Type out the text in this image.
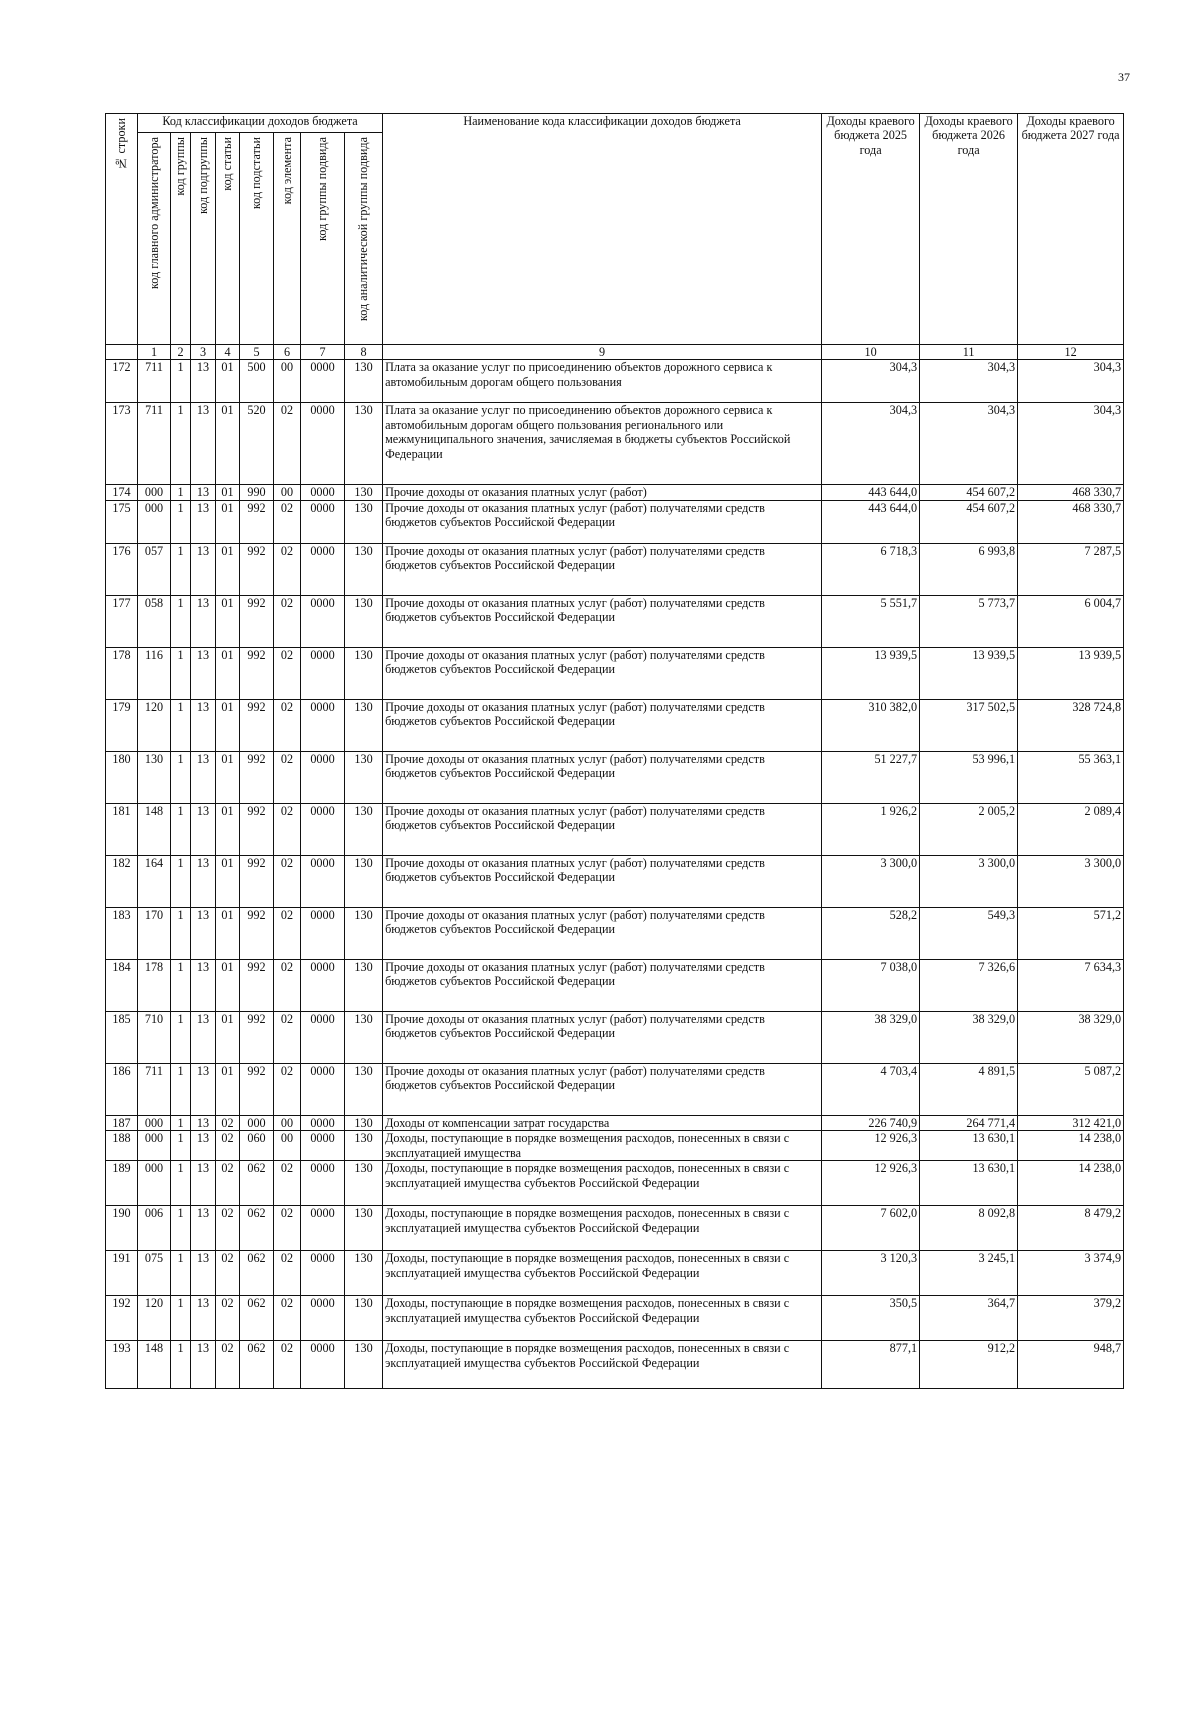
37
№ строки	Код классификации доходов бюджета								Наименование кода классификации доходов бюджета	Доходы краевого бюджета 2025 года	Доходы краевого бюджета 2026 года	Доходы краевого бюджета 2027 года
	код главного администратора	код группы	код подгруппы	код статьи	код подстатьи	код элемента	код группы подвида	код аналитической группы подвида				
	1	2	3	4	5	6	7	8	9	10	11	12
172	711	1	13	01	500	00	0000	130	Плата за оказание услуг по присоединению объектов дорожного сервиса к автомобильным дорогам общего пользования	304,3	304,3	304,3
173	711	1	13	01	520	02	0000	130	Плата за оказание услуг по присоединению объектов дорожного сервиса к автомобильным дорогам общего пользования регионального или межмуниципального значения, зачисляемая в бюджеты субъектов Российской Федерации	304,3	304,3	304,3
174	000	1	13	01	990	00	0000	130	Прочие доходы от оказания платных услуг (работ)	443 644,0	454 607,2	468 330,7
175	000	1	13	01	992	02	0000	130	Прочие доходы от оказания платных услуг (работ) получателями средств бюджетов субъектов Российской Федерации	443 644,0	454 607,2	468 330,7
176	057	1	13	01	992	02	0000	130	Прочие доходы от оказания платных услуг (работ) получателями средств бюджетов субъектов Российской Федерации	6 718,3	6 993,8	7 287,5
177	058	1	13	01	992	02	0000	130	Прочие доходы от оказания платных услуг (работ) получателями средств бюджетов субъектов Российской Федерации	5 551,7	5 773,7	6 004,7
178	116	1	13	01	992	02	0000	130	Прочие доходы от оказания платных услуг (работ) получателями средств бюджетов субъектов Российской Федерации	13 939,5	13 939,5	13 939,5
179	120	1	13	01	992	02	0000	130	Прочие доходы от оказания платных услуг (работ) получателями средств бюджетов субъектов Российской Федерации	310 382,0	317 502,5	328 724,8
180	130	1	13	01	992	02	0000	130	Прочие доходы от оказания платных услуг (работ) получателями средств бюджетов субъектов Российской Федерации	51 227,7	53 996,1	55 363,1
181	148	1	13	01	992	02	0000	130	Прочие доходы от оказания платных услуг (работ) получателями средств бюджетов субъектов Российской Федерации	1 926,2	2 005,2	2 089,4
182	164	1	13	01	992	02	0000	130	Прочие доходы от оказания платных услуг (работ) получателями средств бюджетов субъектов Российской Федерации	3 300,0	3 300,0	3 300,0
183	170	1	13	01	992	02	0000	130	Прочие доходы от оказания платных услуг (работ) получателями средств бюджетов субъектов Российской Федерации	528,2	549,3	571,2
184	178	1	13	01	992	02	0000	130	Прочие доходы от оказания платных услуг (работ) получателями средств бюджетов субъектов Российской Федерации	7 038,0	7 326,6	7 634,3
185	710	1	13	01	992	02	0000	130	Прочие доходы от оказания платных услуг (работ) получателями средств бюджетов субъектов Российской Федерации	38 329,0	38 329,0	38 329,0
186	711	1	13	01	992	02	0000	130	Прочие доходы от оказания платных услуг (работ) получателями средств бюджетов субъектов Российской Федерации	4 703,4	4 891,5	5 087,2
187	000	1	13	02	000	00	0000	130	Доходы от компенсации затрат государства	226 740,9	264 771,4	312 421,0
188	000	1	13	02	060	00	0000	130	Доходы, поступающие в порядке возмещения расходов, понесенных в связи с эксплуатацией имущества	12 926,3	13 630,1	14 238,0
189	000	1	13	02	062	02	0000	130	Доходы, поступающие в порядке возмещения расходов, понесенных в связи с эксплуатацией имущества субъектов Российской Федерации	12 926,3	13 630,1	14 238,0
190	006	1	13	02	062	02	0000	130	Доходы, поступающие в порядке возмещения расходов, понесенных в связи с эксплуатацией имущества субъектов Российской Федерации	7 602,0	8 092,8	8 479,2
191	075	1	13	02	062	02	0000	130	Доходы, поступающие в порядке возмещения расходов, понесенных в связи с эксплуатацией имущества субъектов Российской Федерации	3 120,3	3 245,1	3 374,9
192	120	1	13	02	062	02	0000	130	Доходы, поступающие в порядке возмещения расходов, понесенных в связи с эксплуатацией имущества субъектов Российской Федерации	350,5	364,7	379,2
193	148	1	13	02	062	02	0000	130	Доходы, поступающие в порядке возмещения расходов, понесенных в связи с эксплуатацией имущества субъектов Российской Федерации	877,1	912,2	948,7
